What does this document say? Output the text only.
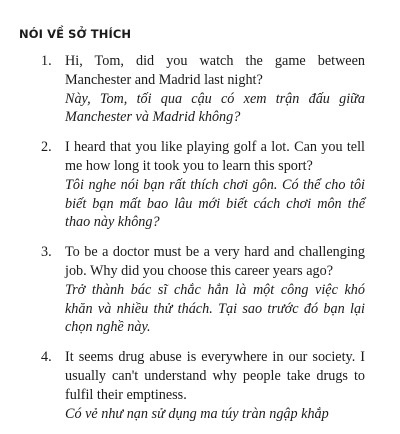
NÓI VỀ SỞ THÍCH
1. Hi, Tom, did you watch the game between Manchester and Madrid last night?

Này, Tom, tối qua cậu có xem trận đấu giữa Manchester và Madrid không?

2. I heard that you like playing golf a lot. Can you tell me how long it took you to learn this sport?

Tôi nghe nói bạn rất thích chơi gôn. Có thể cho tôi biết bạn mất bao lâu mới biết cách chơi môn thể thao này không?

3. To be a doctor must be a very hard and challenging job. Why did you choose this career years ago?

Trở thành bác sĩ chắc hẳn là một công việc khó khăn và nhiều thử thách. Tại sao trước đó bạn lại chọn nghề này.

4. It seems drug abuse is everywhere in our society. I usually can't understand why people take drugs to fulfil their emptiness.

Có vẻ như nạn sử dụng ma túy tràn ngập khắp
